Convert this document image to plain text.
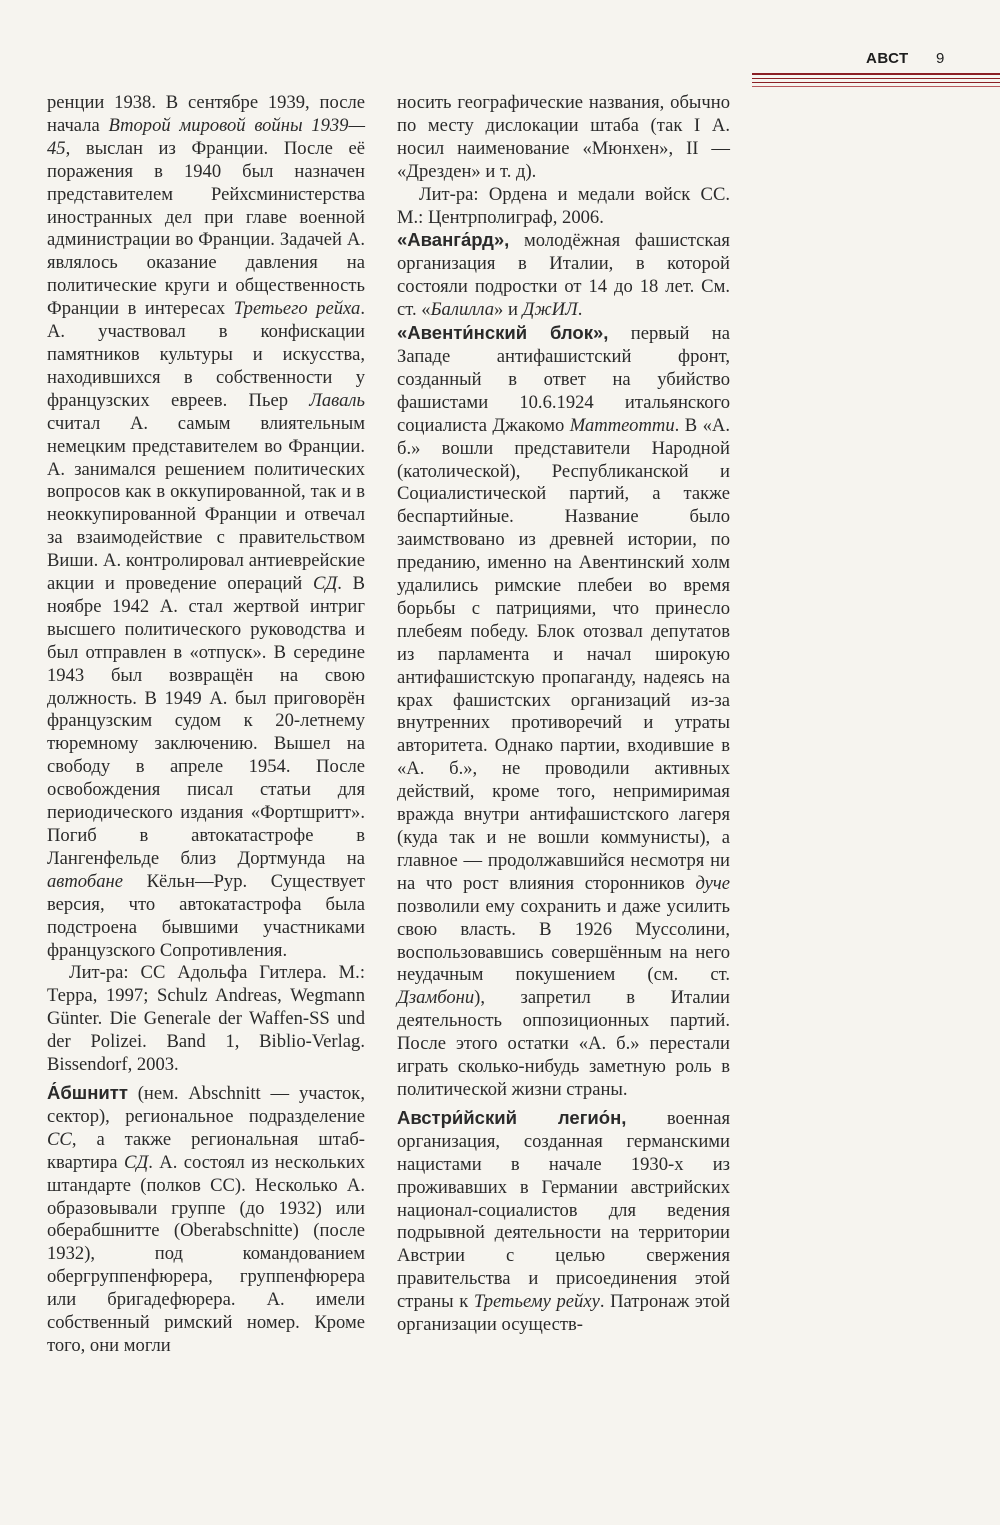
АВСТ 9

ренции 1938. В сентябре 1939, после начала Второй мировой войны 1939—45, выслан из Франции. После её поражения в 1940 был назначен представителем Рейхсминистерства иностранных дел при главе военной администрации во Франции. Задачей А. являлось оказание давления на политические круги и общественность Франции в интересах Третьего рейха. А. участвовал в конфискации памятников культуры и искусства, находившихся в собственности у французских евреев. Пьер Лаваль считал А. самым влиятельным немецким представителем во Франции. А. занимался решением политических вопросов как в оккупированной, так и в неоккупированной Франции и отвечал за взаимодействие с правительством Виши. А. контролировал антиеврейские акции и проведение операций СД. В ноябре 1942 А. стал жертвой интриг высшего политического руководства и был отправлен в «отпуск». В середине 1943 был возвращён на свою должность. В 1949 А. был приговорён французским судом к 20-летнему тюремному заключению. Вышел на свободу в апреле 1954. После освобождения писал статьи для периодического издания «Фортшритт». Погиб в автокатастрофе в Лангенфельде близ Дортмунда на автобане Кёльн—Рур. Существует версия, что автокатастрофа была подстроена бывшими участниками французского Сопротивления.

Лит-ра: СС Адольфа Гитлера. М.: Терра, 1997; Schulz Andreas, Wegmann Günter. Die Generale der Waffen-SS und der Polizei. Band 1, Biblio-Verlag. Bissendorf, 2003.

А́бшнитт (нем. Abschnitt — участок, сектор), региональное подразделение СС, а также региональная штаб-квартира СД. А. состоял из нескольких штандарте (полков СС). Несколько А. образовывали группе (до 1932) или оберабшнитте (Oberabschnitte) (после 1932), под командованием обергруппенфюрера, группенфюрера или бригадефюрера. А. имели собственный римский номер. Кроме того, они могли

носить географические названия, обычно по месту дислокации штаба (так I А. носил наименование «Мюнхен», II — «Дрезден» и т. д).

Лит-ра: Ордена и медали войск СС. М.: Центрполиграф, 2006.

«Аванга́рд», молодёжная фашистская организация в Италии, в которой состояли подростки от 14 до 18 лет. См. ст. «Балилла» и ДжИЛ.

«Авенти́нский блок», первый на Западе антифашистский фронт, созданный в ответ на убийство фашистами 10.6.1924 итальянского социалиста Джакомо Маттеотти. В «А. б.» вошли представители Народной (католической), Республиканской и Социалистической партий, а также беспартийные. Название было заимствовано из древней истории, по преданию, именно на Авентинский холм удалились римские плебеи во время борьбы с патрициями, что принесло плебеям победу. Блок отозвал депутатов из парламента и начал широкую антифашистскую пропаганду, надеясь на крах фашистских организаций из-за внутренних противоречий и утраты авторитета. Однако партии, входившие в «А. б.», не проводили активных действий, кроме того, непримиримая вражда внутри антифашистского лагеря (куда так и не вошли коммунисты), а главное — продолжавшийся несмотря ни на что рост влияния сторонников дуче позволили ему сохранить и даже усилить свою власть. В 1926 Муссолини, воспользовавшись совершённым на него неудачным покушением (см. ст. Дзамбони), запретил в Италии деятельность оппозиционных партий. После этого остатки «А. б.» перестали играть сколько-нибудь заметную роль в политической жизни страны.

Австри́йский легио́н, военная организация, созданная германскими нацистами в начале 1930-х из проживавших в Германии австрийских национал-социалистов для ведения подрывной деятельности на территории Австрии с целью свержения правительства и присоединения этой страны к Третьему рейху. Патронаж этой организации осуществ-
